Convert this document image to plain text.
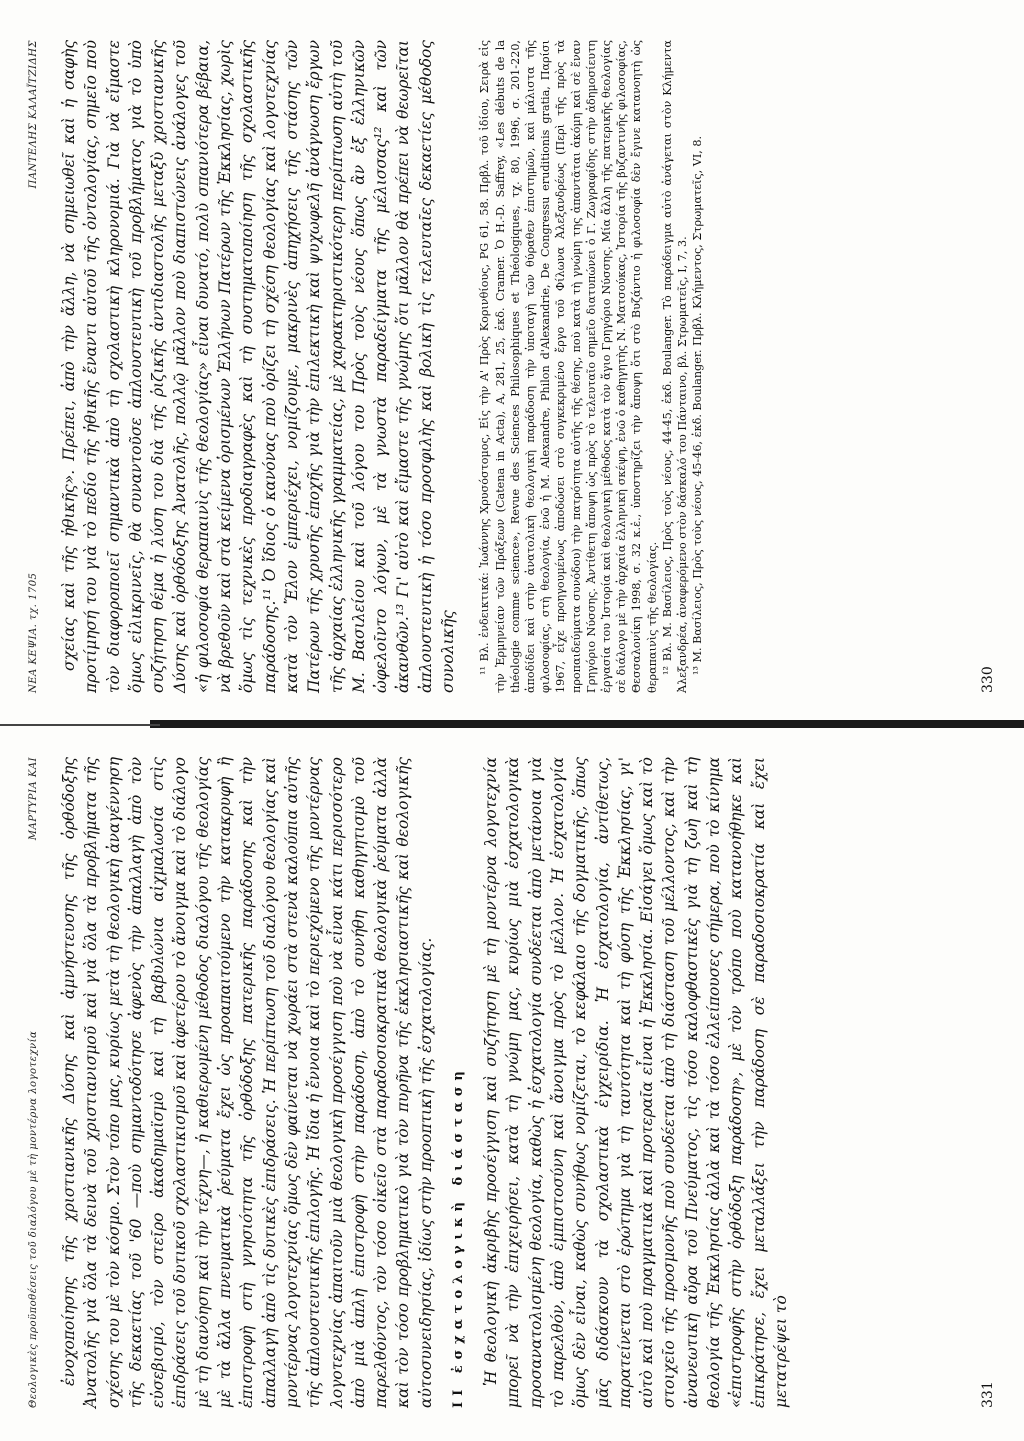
ΝΕΑ ΚΕΨΙΑ. τχ. 1705
ΠΑΝΤΕΛΗΣ ΚΑΛΑΪΤΖΙΔΗΣ σχείας καὶ τῆς ἠθικῆς». Πρέπει, ἀπὸ τὴν ἄλλη, νὰ σημειωθεῖ καὶ ἡ σαφὴς προτίμησή του γιὰ τὸ πεδίο τῆς ἠθικῆς ἔναντι αὐτοῦ τῆς ὀντολογίας, σημεῖο ποὺ τὸν διαφοροποιεῖ σημαντικὰ ἀπὸ τὴ σχολαστικὴ κληρονομιά. Γιὰ νὰ εἴμαστε ὅμως εἰλικρινεῖς, θὰ συναντοῦσε ἀπλουστευτικὴ τοῦ προβλήματος γιὰ τὸ ὑπὸ συζήτηση θέμα ἡ λύση του διὰ τῆς ῥιζικῆς ἀντιδιαστολῆς μεταξὺ χριστιανικῆς Δύσης καὶ ὀρθόδοξης Ἀνατολῆς, πολλῷ μᾶλλον ποὺ διαπιστώνεις ἀνάλογες τοῦ «ἡ φιλοσοφία θεραπαινὶς τῆς θεολογίας» εἶναι δυνατό, πολὺ σπανιότερα βέβαια, νὰ βρεθοῦν καὶ στὰ κείμενα ὁρισμένων Ἑλλήνων Πατέρων τῆς Ἐκκλησίας, χωρὶς ὅμως τὶς τεχνικὲς προδιαγραφὲς καὶ τὴ συστηματοποίηση τῆς σχολαστικῆς παράδοσης.¹¹ Ὁ ἴδιος ὁ κανόνας ποὺ ὁρίζει τὴ σχέση θεολογίας καὶ λογοτεχνίας κατὰ τὸν Ἔλον ἐμπεριέχει, νομίζουμε, μακρινὲς ἀπηχήσεις τῆς στάσης τῶν Πατέρων τῆς χρυσῆς ἐποχῆς γιὰ τὴν ἐπιλεκτικὴ καὶ ψυχωφελῆ ἀνάγνωση ἔργων τῆς ἀρχαίας ἑλληνικῆς γραμματείας, μὲ χαρακτηριστικότερη περίπτωση αὐτὴ τοῦ Μ. Βασιλείου καὶ τοῦ λόγου του Πρὸς τοὺς νέους ὅπως ἂν ἐξ ἑλληνικῶν ὠφελοῖντο λόγων, μὲ τὰ γνωστὰ παραδείγματα τῆς μέλισσας¹² καὶ τῶν ἀκανθῶν.¹³ Γι' αὐτὸ καὶ εἴμαστε τῆς γνώμης ὅτι μᾶλλον θὰ πρέπει νὰ θεωρεῖται ἀπλουστευτικὴ ἡ τόσο προσφιλὴς καὶ βολικὴ τὶς τελευταῖες δεκαετίες μέθοδος συνολικῆς ¹¹ Βλ. ἐνδεικτικά: Ἰωάννης Χρυσόστομος, Εἰς τὴν Α' Πρὸς Κορινθίους, PG 61, 58. Πρβλ. τοῦ ἰδίου, Σειρὰ εἰς τὴν Ἑρμηνείαν τῶν Πράξεων (Catena in Acta), Α, 281, 25, ἐκδ. Cramer. Ὁ H.-D. Saffrey, «Les débuts de la théologie comme science», Revue des Sciences Philosophiques et Théologiques, τχ. 80, 1996, σ. 201-220, ἀποδίδει καὶ στὴν ἀνατολικὴ θεολογικὴ παράδοση τὴν ὑποταγὴ τῶν θύραθεν ἐπιστημῶν, καὶ μάλιστα τῆς φιλοσοφίας, στὴ θεολογία, ἐνῶ ἡ M. Alexandre, Philon d'Alexandrie, De Congressu eruditionis gratia, Παρίσι 1967, εἶχε προηγουμένως ἀποδώσει στὸ συγκεκριμένο ἔργο τοῦ Φίλωνα Ἀλεξανδρέως (Περὶ τῆς πρὸς τὰ προπαιδεύματα συνόδου) τὴν πατρότητα αὐτῆς τῆς θέσης, ποὺ κατὰ τὴ γνώμη της ἀπαντᾶται ἀκόμη καὶ σὲ ἕναν Γρηγόριο Νύσσης. Ἀντίθετη ἄποψη ὡς πρὸς τὸ τελευταῖο σημεῖο διατυπώνει ὁ Γ. Ζωγραφίδης στὴν ἀδημοσίευτη ἐργασία του Ἱστορία καὶ θεολογικὴ μέθοδος κατὰ τὸν ἅγιο Γρηγόριο Νύσσης. Μία ἄλλη τῆς πατερικῆς θεολογίας σὲ διάλογο μὲ τὴν ἀρχαία ἑλληνικὴ σκέψη, ἐνῶ ὁ καθηγητὴς Ν. Ματσούκας, Ἱστορία τῆς βυζαντινῆς φιλοσοφίας, Θεσσαλονίκη 1998, σ. 32 κ.ἑ., ὑποστηρίζει τὴν ἄποψη ὅτι στὸ Βυζάντιο ἡ φιλοσοφία δὲν ἔγινε κατανοητὴ ὡς θεραπαινὶς τῆς θεολογίας. ¹² Βλ. Μ. Βασίλειος, Πρὸς τοὺς νέους, 44-45, ἐκδ. Boulanger. Τὸ παράδειγμα αὐτὸ ἀνάγεται στὸν Κλήμεντα Ἀλεξανδρέα, ἀναφερόμενο στὸν δάσκαλό του Πάνταινο, βλ. Στρωματεῖς, I, 7, 3. ¹³ Μ. Βασίλειος, Πρὸς τοὺς νέους, 45-46, ἐκδ. Boulanger. Πρβλ. Κλήμεντος, Στρωματεῖς, VI, 8.

330
Θεολογικὲς προϋποθέσεις τοῦ διαλόγου μὲ τὴ μοντέρνα λογοτεχνία
ΜΑΡΤΥΡΙΑ ΚΑΙ ἐνοχοποίησης τῆς χριστιανικῆς Δύσης καὶ ἀμνήστευσης τῆς ὀρθόδοξης Ἀνατολῆς γιὰ ὅλα τὰ δεινὰ τοῦ χριστιανισμοῦ καὶ γιὰ ὅλα τὰ προβλήματα τῆς σχέσης του μὲ τὸν κόσμο. Στὸν τόπο μας, κυρίως μετὰ τὴ θεολογικὴ ἀναγέννηση τῆς δεκαετίας τοῦ '60 —ποὺ σημαντοδότησε ἀφενὸς τὴν ἀπαλλαγὴ ἀπὸ τὸν εὐσεβισμό, τὸν στεῖρο ἀκαδημαϊσμὸ καὶ τὴ βαβυλώνια αἰχμαλωσία στὶς ἐπιδράσεις τοῦ δυτικοῦ σχολαστικισμοῦ καὶ ἀφετέρου τὸ ἄνοιγμα καὶ τὸ διάλογο μὲ τὴ διανόηση καὶ τὴν τέχνη—, ἡ καθιερωμένη μέθοδος διαλόγου τῆς θεολογίας μὲ τὰ ἄλλα πνευματικὰ ῥεύματα ἔχει ὡς προαπαιτούμενο τὴν κατακρυφὴ ἢ ἐπιστροφὴ στὴ γνησιότητα τῆς ὀρθόδοξης πατερικῆς παράδοσης καὶ τὴν ἀπαλλαγὴ ἀπὸ τὶς δυτικὲς ἐπιδράσεις. Ἡ περίπτωση τοῦ διαλόγου θεολογίας καὶ μοντέρνας λογοτεχνίας ὅμως δὲν φαίνεται νὰ χωράει στὰ στενὰ καλούπια αὐτῆς τῆς ἀπλουστευτικῆς ἐπιλογῆς. Ἡ ἴδια ἡ ἔννοια καὶ τὸ περιεχόμενο τῆς μοντέρνας λογοτεχνίας ἀπαιτοῦν μιὰ θεολογικὴ προσέγγιση ποὺ νὰ εἶναι κάτι περισσότερο ἀπὸ μιὰ ἁπλὴ ἐπιστροφὴ στὴν παράδοση, ἀπὸ τὸ συνήθη καθηγητισμὸ τοῦ παρελθόντος, τὸν τόσο οἰκεῖο στὰ παραδοσιοκρατικὰ θεολογικὰ ῥεύματα ἀλλὰ καὶ τὸν τόσο προβληματικὸ γιὰ τὸν πυρῆνα τῆς ἐκκλησιαστικῆς καὶ θεολογικῆς αὐτοσυνειδησίας, ἰδίως στὴν προοπτικὴ τῆς ἐσχατολογίας.	ΙΙ ἐσχατολογικὴ διάσταση	Ἡ θεολογικὴ ἀκριβὴς προσέγγιση καὶ συζήτηση μὲ τὴ μοντέρνα λογοτεχνία μπορεῖ νὰ τὴν ἐπιχειρήσει, κατὰ τὴ γνώμη μας, κυρίως μιὰ ἐσχατολογικὰ προσανατολισμένη θεολογία, καθὼς ἡ ἐσχατολογία συνδέεται ἀπὸ μετάνοια γιὰ τὸ παρελθόν, ἀπὸ ἐμπιστοσύνη καὶ ἄνοιγμα πρὸς τὸ μέλλον. Ἡ ἐσχατολογία ὅμως δὲν εἶναι, καθὼς συνήθως νομίζεται, τὸ κεφάλαιο τῆς δογματικῆς, ὅπως μᾶς διδάσκουν τὰ σχολαστικὰ ἐγχειρίδια. Ἡ ἐσχατολογία, ἀντίθετως, παρατείνεται στὸ ἐρώτημα γιὰ τὴ ταυτότητα καὶ τὴ φύση τῆς Ἐκκλησίας, γι' αὐτὸ καὶ ποὺ πραγματικὰ καὶ προτεραῖα εἶναι ἡ Ἐκκλησία. Εἰσάγει ὅμως καὶ τὸ στοιχεῖο τῆς προσμονῆς ποὺ συνδέεται ἀπὸ τὴ διάσταση τοῦ μέλλοντος, καὶ τὴν ἀνανεωτικὴ αὔρα τοῦ Πνεύματος, τὶς τόσο καλοφθαστικὲς γιὰ τὴ ζωὴ καὶ τὴ θεολογία τῆς Ἐκκλησίας ἀλλὰ καὶ τὰ τόσο ἐλλείπουσες σήμερα, ποὺ τὸ κίνημα «ἐπιστροφῆς στὴν ὀρθόδοξη παράδοση», μὲ τὸν τρόπο ποὺ κατανοήθηκε καὶ ἐπικράτησε, ἔχει μεταλλάξει τὴν παράδοση σὲ παραδοσιοκρατία καὶ ἔχει μετατρέψει τὸ	331
